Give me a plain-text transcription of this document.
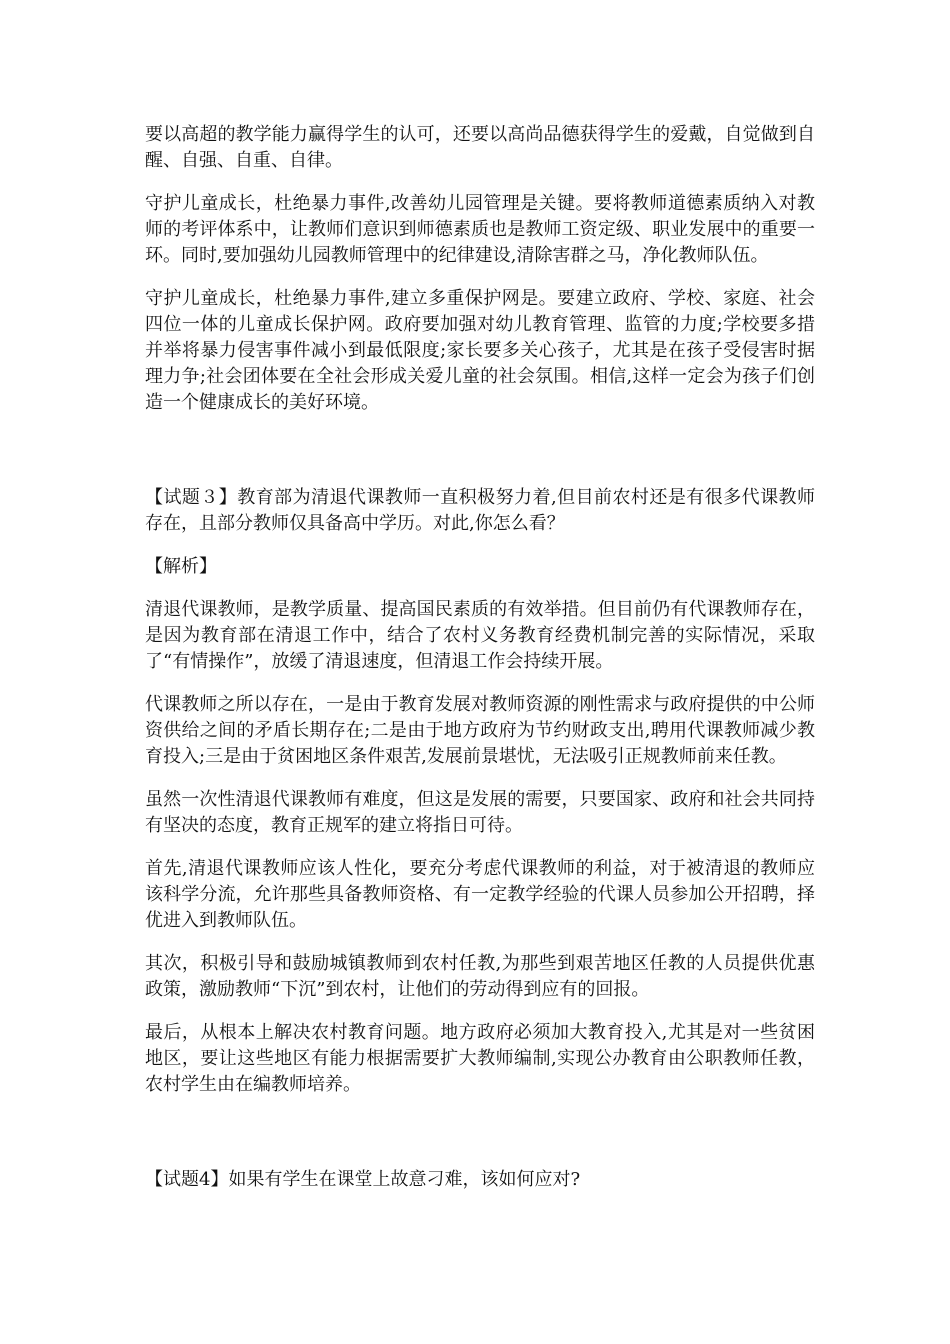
要以高超的教学能力赢得学生的认可，还要以高尚品德获得学生的爱戴，自觉做到自醒、自强、自重、自律。

守护儿童成长，杜绝暴力事件,改善幼儿园管理是关键。要将教师道德素质纳入对教师的考评体系中，让教师们意识到师德素质也是教师工资定级、职业发展中的重要一环。同时,要加强幼儿园教师管理中的纪律建设,清除害群之马，净化教师队伍。

守护儿童成长，杜绝暴力事件,建立多重保护网是。要建立政府、学校、家庭、社会四位一体的儿童成长保护网。政府要加强对幼儿教育管理、监管的力度;学校要多措并举将暴力侵害事件减小到最低限度;家长要多关心孩子，尤其是在孩子受侵害时据理力争;社会团体要在全社会形成关爱儿童的社会氛围。相信,这样一定会为孩子们创造一个健康成长的美好环境。

【试题３】教育部为清退代课教师一直积极努力着,但目前农村还是有很多代课教师存在，且部分教师仅具备高中学历。对此,你怎么看？

【解析】

清退代课教师，是教学质量、提高国民素质的有效举措。但目前仍有代课教师存在，是因为教育部在清退工作中，结合了农村义务教育经费机制完善的实际情况，采取了“有情操作”，放缓了清退速度，但清退工作会持续开展。

代课教师之所以存在，一是由于教育发展对教师资源的刚性需求与政府提供的中公师资供给之间的矛盾长期存在;二是由于地方政府为节约财政支出,聘用代课教师减少教育投入;三是由于贫困地区条件艰苦,发展前景堪忧，无法吸引正规教师前来任教。

虽然一次性清退代课教师有难度，但这是发展的需要，只要国家、政府和社会共同持有坚决的态度，教育正规军的建立将指日可待。

首先,清退代课教师应该人性化，要充分考虑代课教师的利益，对于被清退的教师应该科学分流，允许那些具备教师资格、有一定教学经验的代课人员参加公开招聘，择优进入到教师队伍。

其次，积极引导和鼓励城镇教师到农村任教,为那些到艰苦地区任教的人员提供优惠政策，激励教师“下沉”到农村，让他们的劳动得到应有的回报。

最后，从根本上解决农村教育问题。地方政府必须加大教育投入,尤其是对一些贫困地区，要让这些地区有能力根据需要扩大教师编制,实现公办教育由公职教师任教，农村学生由在编教师培养。

【试题4】如果有学生在课堂上故意刁难，该如何应对?
